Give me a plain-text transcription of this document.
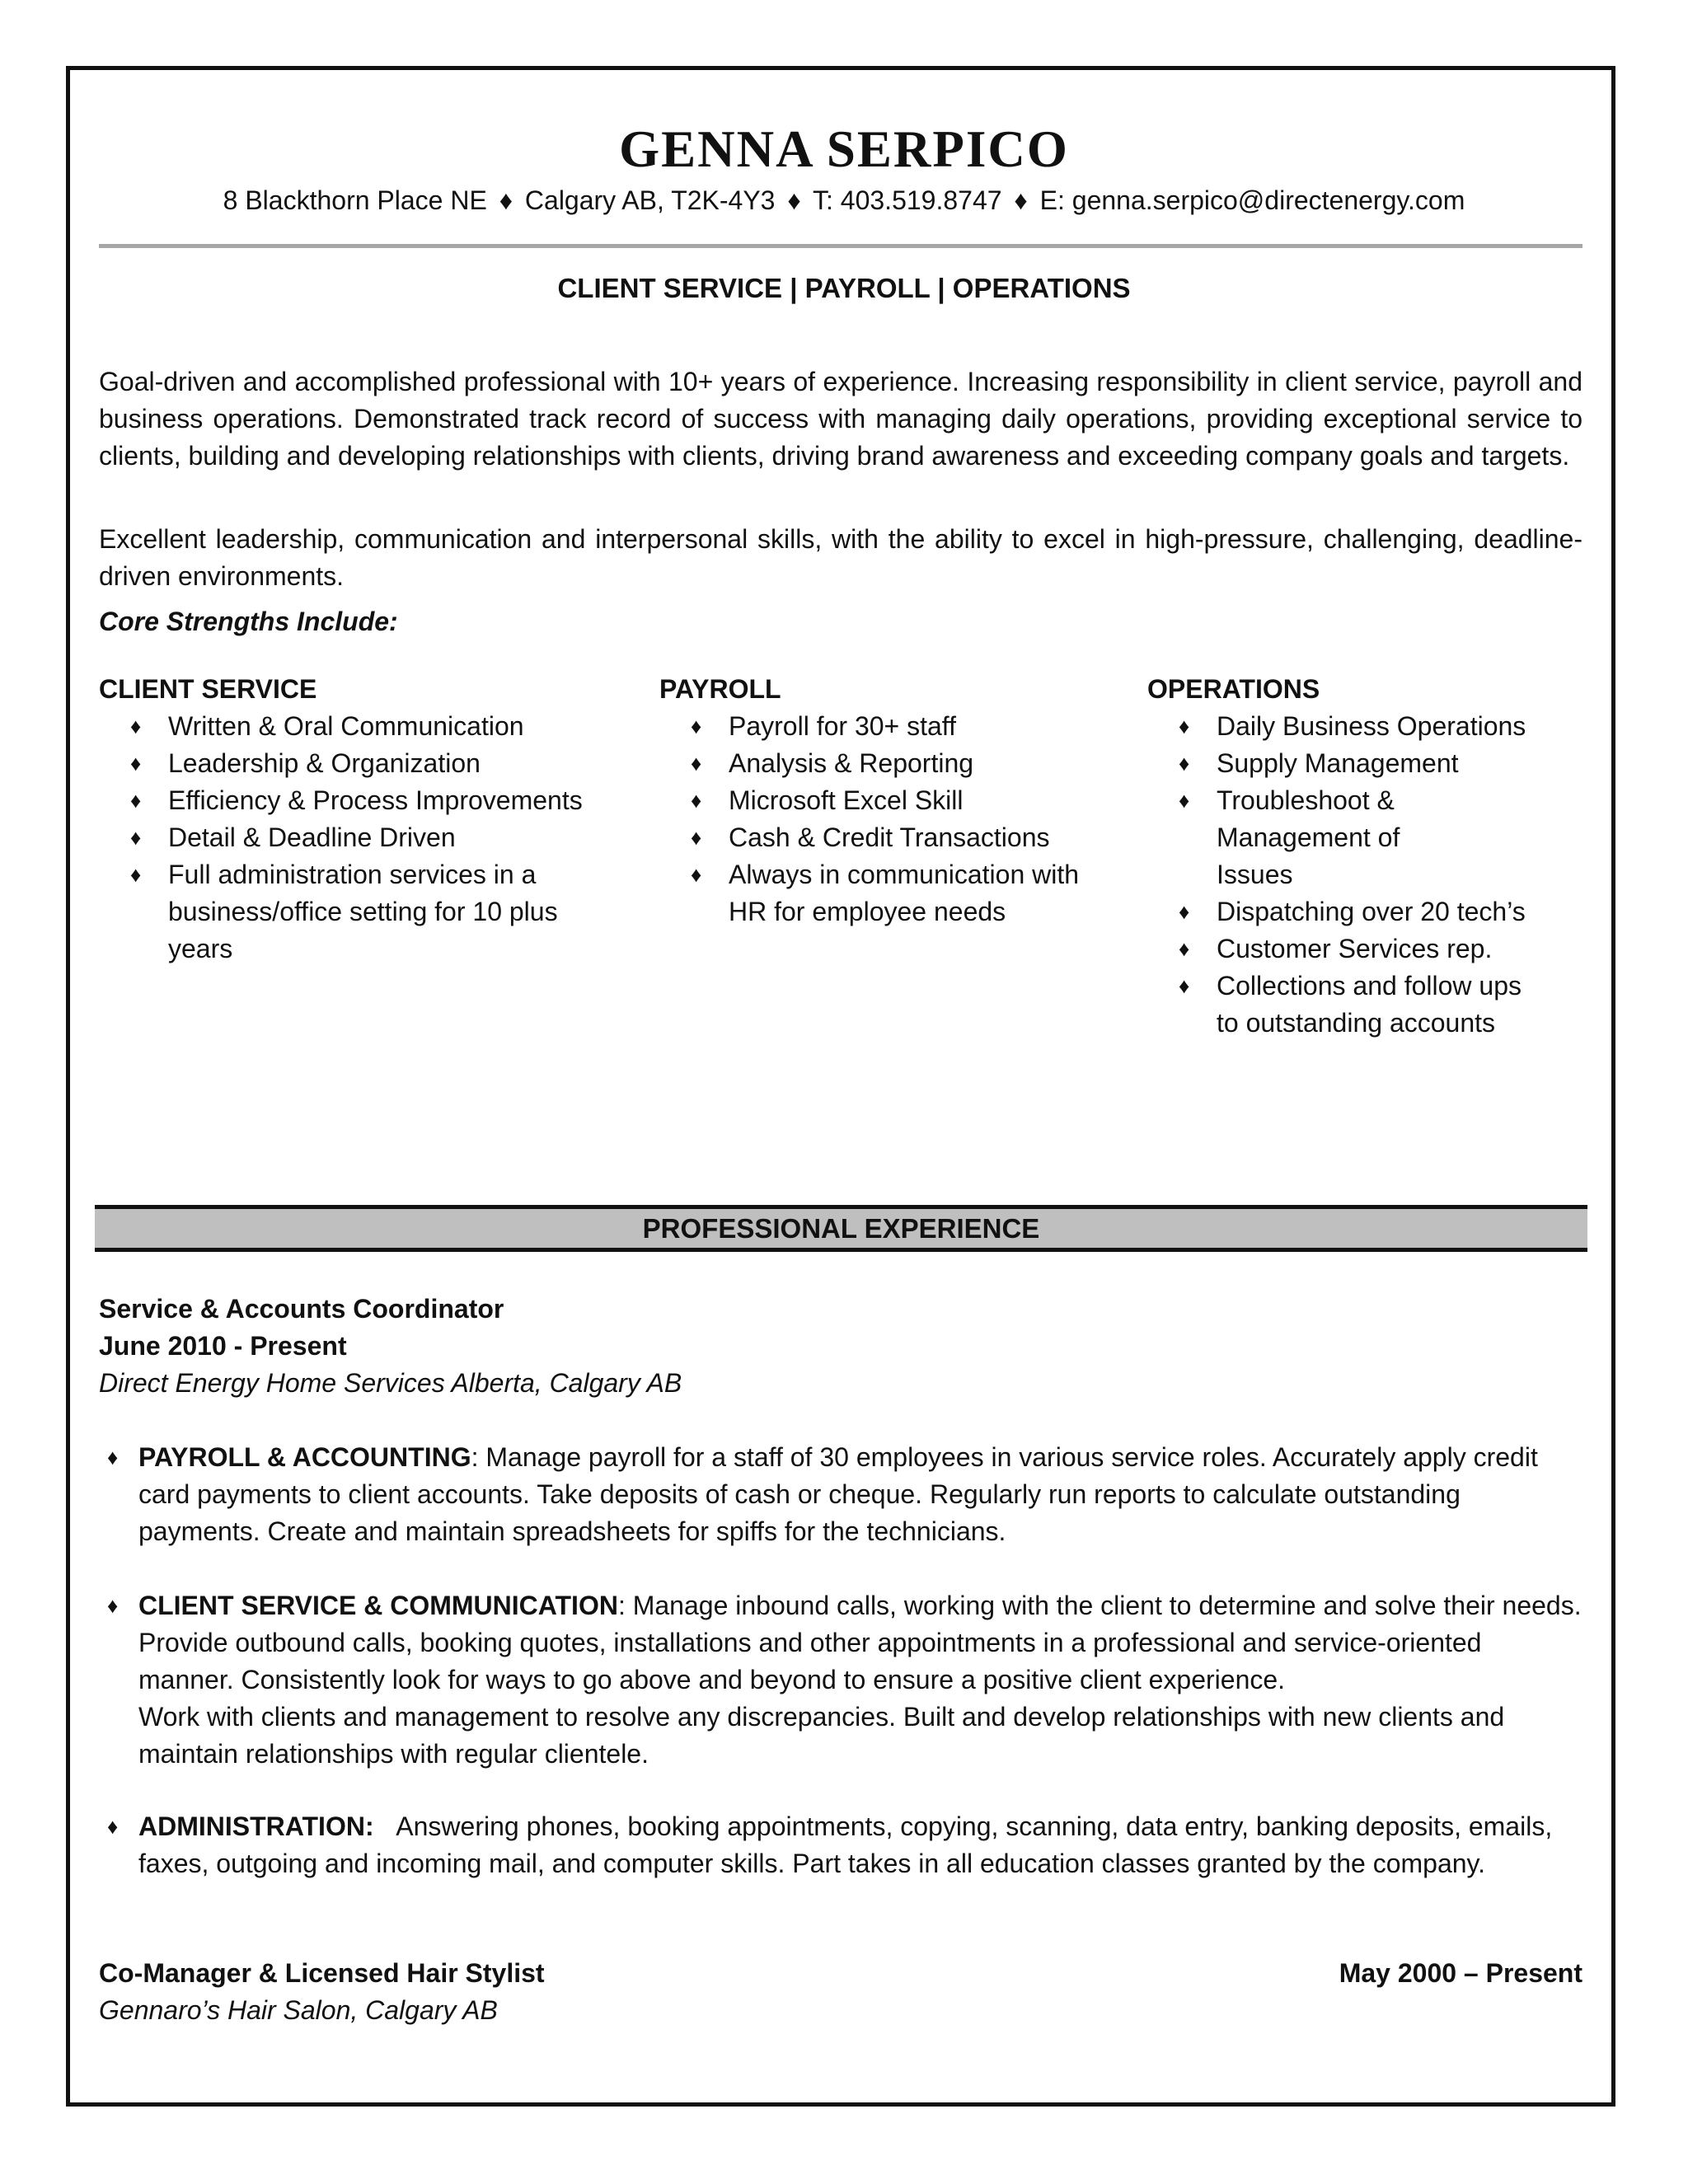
GENNA SERPICO
8 Blackthorn Place NE ♦ Calgary AB, T2K-4Y3 ♦ T: 403.519.8747 ♦ E: genna.serpico@directenergy.com
CLIENT SERVICE | PAYROLL | OPERATIONS

Goal-driven and accomplished professional with 10+ years of experience. Increasing responsibility in client service, payroll and business operations. Demonstrated track record of success with managing daily operations, providing exceptional service to clients, building and developing relationships with clients, driving brand awareness and exceeding company goals and targets.

Excellent leadership, communication and interpersonal skills, with the ability to excel in high-pressure, challenging, deadline-driven environments.

Core Strengths Include:
CLIENT SERVICE
♦ Written & Oral Communication
♦ Leadership & Organization
♦ Efficiency & Process Improvements
♦ Detail & Deadline Driven
♦ Full administration services in a business/office setting for 10 plus years
PAYROLL
♦ Payroll for 30+ staff
♦ Analysis & Reporting
♦ Microsoft Excel Skill
♦ Cash & Credit Transactions
♦ Always in communication with HR for employee needs
OPERATIONS
♦ Daily Business Operations
♦ Supply Management
♦ Troubleshoot & Management of Issues
♦ Dispatching over 20 tech’s
♦ Customer Services rep.
♦ Collections and follow ups to outstanding accounts
PROFESSIONAL EXPERIENCE
Service & Accounts Coordinator
June 2010 - Present
Direct Energy Home Services Alberta, Calgary AB
♦ PAYROLL & ACCOUNTING: Manage payroll for a staff of 30 employees in various service roles. Accurately apply credit card payments to client accounts. Take deposits of cash or cheque. Regularly run reports to calculate outstanding payments. Create and maintain spreadsheets for spiffs for the technicians.
♦ CLIENT SERVICE & COMMUNICATION: Manage inbound calls, working with the client to determine and solve their needs. Provide outbound calls, booking quotes, installations and other appointments in a professional and service-oriented manner. Consistently look for ways to go above and beyond to ensure a positive client experience.
Work with clients and management to resolve any discrepancies. Built and develop relationships with new clients and maintain relationships with regular clientele.
♦ ADMINISTRATION: Answering phones, booking appointments, copying, scanning, data entry, banking deposits, emails, faxes, outgoing and incoming mail, and computer skills. Part takes in all education classes granted by the company.
Co-Manager & Licensed Hair Stylist	May 2000 – Present
Gennaro’s Hair Salon, Calgary AB
